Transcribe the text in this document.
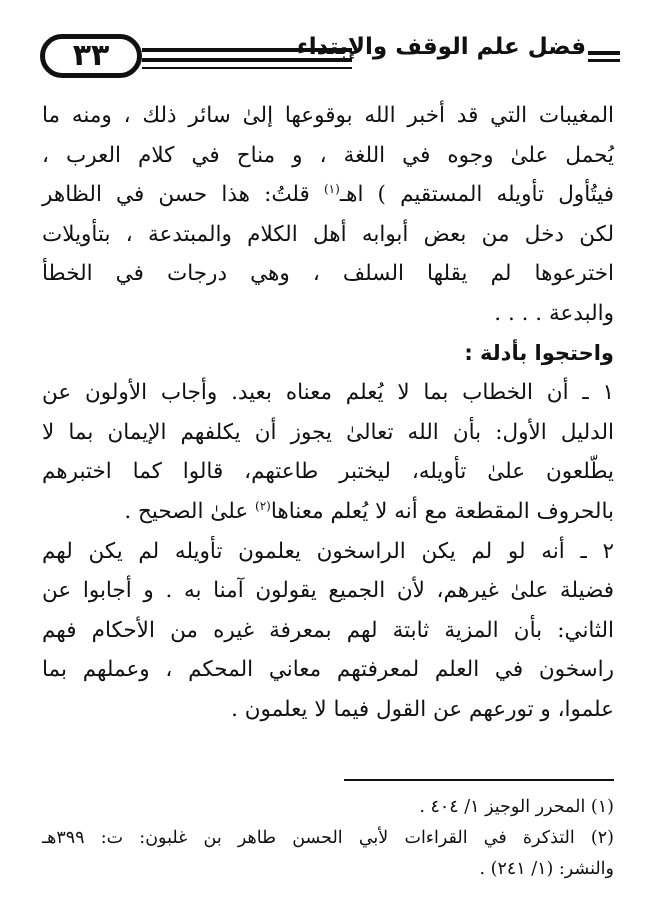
٣٣	فضل علم الوقف والإبتداء
المغيبات التي قد أخبر الله بوقوعها إلىٰ سائر ذلك ، ومنه ما
يُحمل علىٰ وجوه في اللغة ، و مناح في كلام العرب ،
فيتُأول تأويله المستقيم ) اهـ$^{(١)}$ قلتُ: هذا حسن في الظاهر
لكن دخل من بعض أبوابه أهل الكلام والمبتدعة ، بتأويلات
اخترعوها لم يقلها السلف ، وهي درجات في الخطأ
والبدعة . . . .
واحتجوا بأدلة :
١ ـ أن الخطاب بما لا يُعلم معناه بعيد. وأجاب الأولون عن
الدليل الأول: بأن الله تعالىٰ يجوز أن يكلفهم الإيمان بما لا
يطّلعون علىٰ تأويله، ليختبر طاعتهم، قالوا كما اختبرهم
بالحروف المقطعة مع أنه لا يُعلم معناها$^{(٢)}$ علىٰ الصحيح .
٢ ـ أنه لو لم يكن الراسخون يعلمون تأويله لم يكن لهم
فضيلة علىٰ غيرهم، لأن الجميع يقولون آمنا به . و أجابوا عن
الثاني: بأن المزية ثابتة لهم بمعرفة غيره من الأحكام فهم
راسخون في العلم لمعرفتهم معاني المحكم ، وعملهم بما
علموا، و تورعهم عن القول فيما لا يعلمون .
(١) المحرر الوجيز ١/ ٤٠٤ .
(٢) التذكرة في القراءات لأبي الحسن طاهر بن غلبون: ت: ٣٩٩هـ
والنشر: (١/ ٢٤١) .
